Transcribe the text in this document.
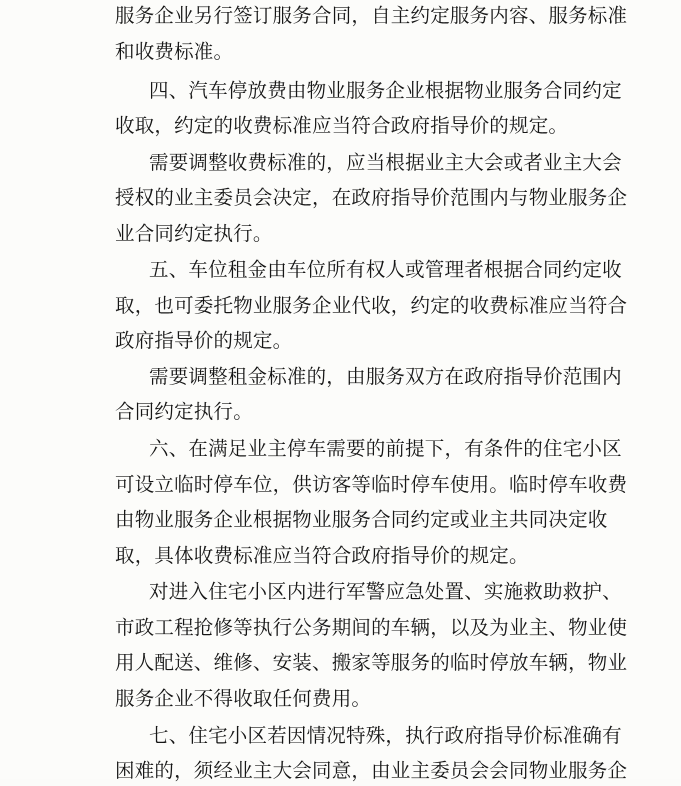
服务企业另行签订服务合同，自主约定服务内容、服务标准
和收费标准。
四、汽车停放费由物业服务企业根据物业服务合同约定
收取，约定的收费标准应当符合政府指导价的规定。
需要调整收费标准的，应当根据业主大会或者业主大会
授权的业主委员会决定，在政府指导价范围内与物业服务企
业合同约定执行。
五、车位租金由车位所有权人或管理者根据合同约定收
取，也可委托物业服务企业代收，约定的收费标准应当符合
政府指导价的规定。
需要调整租金标准的，由服务双方在政府指导价范围内
合同约定执行。
六、在满足业主停车需要的前提下，有条件的住宅小区
可设立临时停车位，供访客等临时停车使用。临时停车收费
由物业服务企业根据物业服务合同约定或业主共同决定收
取，具体收费标准应当符合政府指导价的规定。
对进入住宅小区内进行军警应急处置、实施救助救护、
市政工程抢修等执行公务期间的车辆，以及为业主、物业使
用人配送、维修、安装、搬家等服务的临时停放车辆，物业
服务企业不得收取任何费用。
七、住宅小区若因情况特殊，执行政府指导价标准确有
困难的，须经业主大会同意，由业主委员会会同物业服务企
